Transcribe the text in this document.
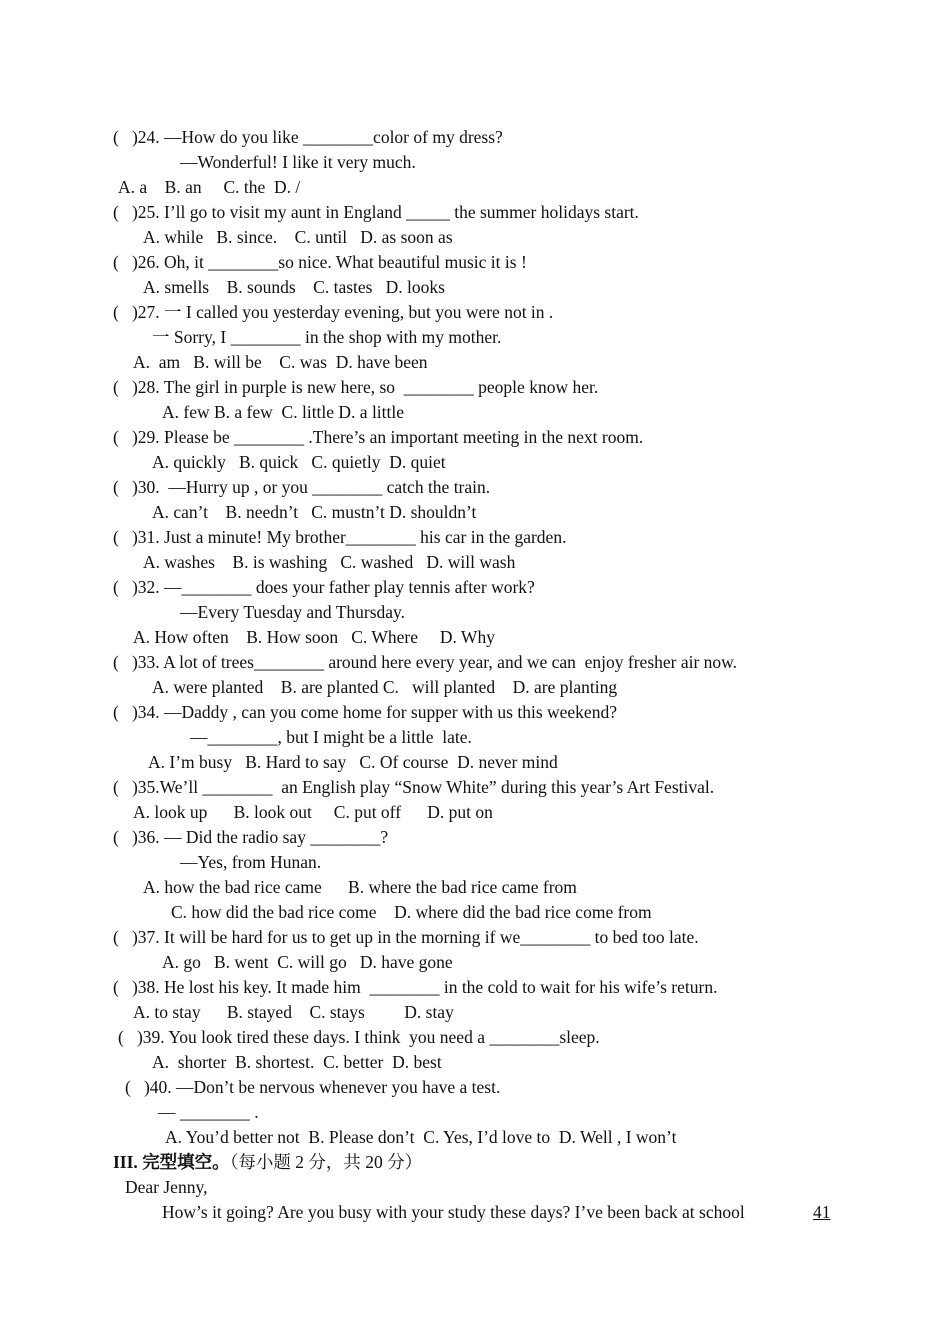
(   )24. —How do you like ________color of my dress?
—Wonderful! I like it very much.
A. a    B. an     C. the  D. /
(   )25. I’ll go to visit my aunt in England _____ the summer holidays start.
A. while   B. since.    C. until   D. as soon as
(   )26. Oh, it ________so nice. What beautiful music it is !
A. smells    B. sounds    C. tastes   D. looks
(   )27. 一 I called you yesterday evening, but you were not in .
一 Sorry, I ________ in the shop with my mother.
A.  am   B. will be    C. was  D. have been
(   )28. The girl in purple is new here, so  ________ people know her.
A. few B. a few  C. little D. a little
(   )29. Please be ________ .There’s an important meeting in the next room.
A. quickly   B. quick   C. quietly  D. quiet
(   )30.  —Hurry up , or you ________ catch the train.
A. can’t    B. needn’t   C. mustn’t D. shouldn’t
(   )31. Just a minute! My brother________ his car in the garden.
A. washes    B. is washing   C. washed   D. will wash
(   )32. —________ does your father play tennis after work?
—Every Tuesday and Thursday.
A. How often    B. How soon   C. Where     D. Why
(   )33. A lot of trees________ around here every year, and we can  enjoy fresher air now.
A. were planted    B. are planted C.   will planted    D. are planting
(   )34. —Daddy , can you come home for supper with us this weekend?
—________, but I might be a little  late.
A. I’m busy   B. Hard to say   C. Of course  D. never mind
(   )35.We’ll ________  an English play “Snow White” during this year’s Art Festival.
A. look up      B. look out     C. put off      D. put on
(   )36. — Did the radio say ________?
—Yes, from Hunan.
A. how the bad rice came      B. where the bad rice came from
C. how did the bad rice come    D. where did the bad rice come from
(   )37. It will be hard for us to get up in the morning if we________ to bed too late.
A. go   B. went  C. will go   D. have gone
(   )38. He lost his key. It made him  ________ in the cold to wait for his wife’s return.
A. to stay      B. stayed    C. stays         D. stay
(   )39. You look tired these days. I think  you need a ________sleep.
A.  shorter  B. shortest.  C. better  D. best
(   )40. —Don’t be nervous whenever you have a test.
— ________ .
A. You’d better not  B. Please don’t  C. Yes, I’d love to  D. Well , I won’t
III. 完型填空。（每小题 2 分，共 20 分）
Dear Jenny,
How’s it going? Are you busy with your study these days? I’ve been back at school	41
